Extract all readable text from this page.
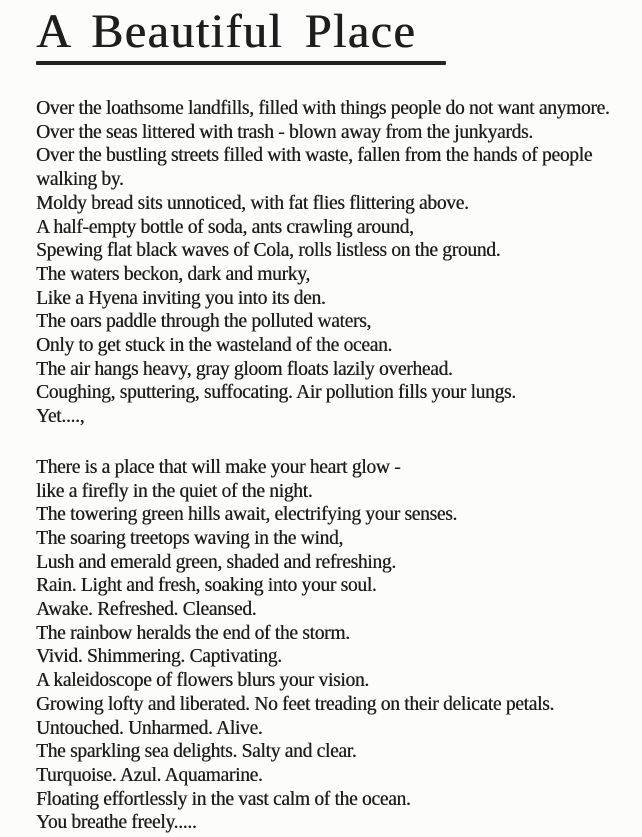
A Beautiful Place
Over the loathsome landfills, filled with things people do not want anymore.
Over the seas littered with trash - blown away from the junkyards.
Over the bustling streets filled with waste, fallen from the hands of people
walking by.
Moldy bread sits unnoticed, with fat flies flittering above.
A half-empty bottle of soda, ants crawling around,
Spewing flat black waves of Cola, rolls listless on the ground.
The waters beckon, dark and murky,
Like a Hyena inviting you into its den.
The oars paddle through the polluted waters,
Only to get stuck in the wasteland of the ocean.
The air hangs heavy, gray gloom floats lazily overhead.
Coughing, sputtering, suffocating. Air pollution fills your lungs.
Yet....,
There is a place that will make your heart glow -
like a firefly in the quiet of the night.
The towering green hills await, electrifying your senses.
The soaring treetops waving in the wind,
Lush and emerald green, shaded and refreshing.
Rain. Light and fresh, soaking into your soul.
Awake. Refreshed. Cleansed.
The rainbow heralds the end of the storm.
Vivid. Shimmering. Captivating.
A kaleidoscope of flowers blurs your vision.
Growing lofty and liberated. No feet treading on their delicate petals.
Untouched. Unharmed. Alive.
The sparkling sea delights. Salty and clear.
Turquoise. Azul. Aquamarine.
Floating effortlessly in the vast calm of the ocean.
You breathe freely.....
